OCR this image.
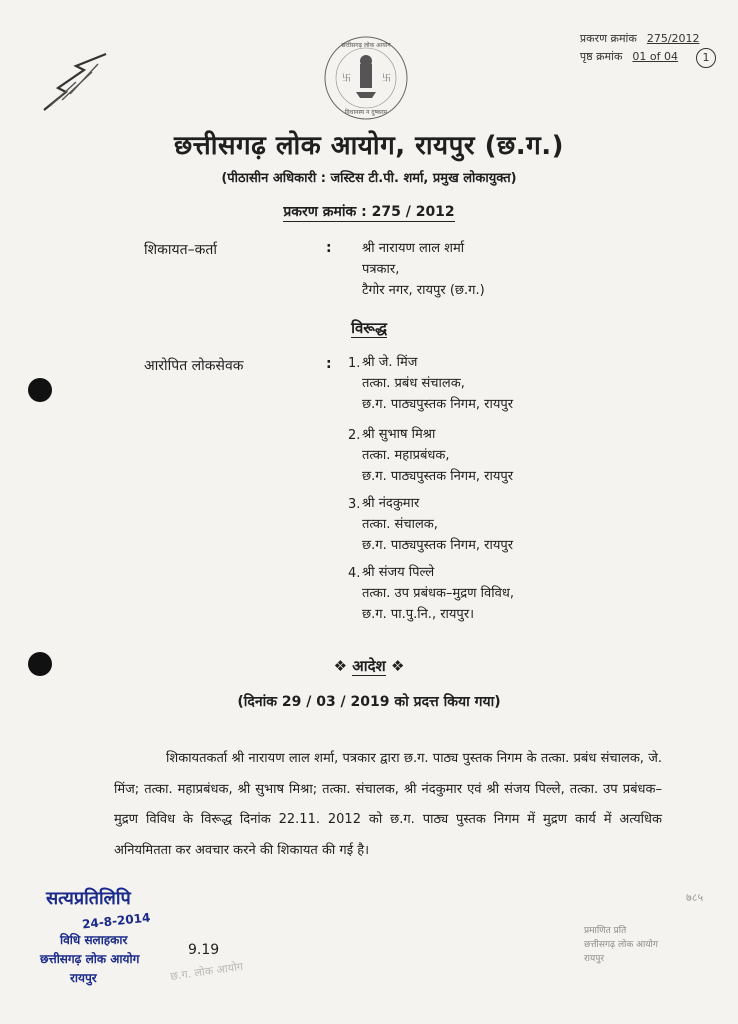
卐	卐
छत्तीसगढ़ लोक आयोग
विधानस्य न दुष्करम
प्रकरण क्रमांक 275/2012
पृष्ठ क्रमांक 01 of 04	1
छत्तीसगढ़ लोक आयोग, रायपुर (छ.ग.)
(पीठासीन अधिकारी : जस्टिस टी.पी. शर्मा, प्रमुख लोकायुक्त)
प्रकरण क्रमांक : 275 / 2012
शिकायत–कर्ता	: श्री नारायण लाल शर्मा
पत्रकार,
टैगोर नगर, रायपुर (छ.ग.)
विरूद्ध
आरोपित लोकसेवक	: 1. श्री जे. मिंज
तत्का. प्रबंध संचालक,
छ.ग. पाठ्यपुस्तक निगम, रायपुर
2. श्री सुभाष मिश्रा
तत्का. महाप्रबंधक,
छ.ग. पाठ्यपुस्तक निगम, रायपुर
3. श्री नंदकुमार
तत्का. संचालक,
छ.ग. पाठ्यपुस्तक निगम, रायपुर
4. श्री संजय पिल्ले
तत्का. उप प्रबंधक–मुद्रण विविध,
छ.ग. पा.पु.नि., रायपुर।
❖ आदेश ❖
(दिनांक 29 / 03 / 2019 को प्रदत्त किया गया)
शिकायतकर्ता श्री नारायण लाल शर्मा, पत्रकार द्वारा छ.ग. पाठ्य पुस्तक निगम के तत्का. प्रबंध संचालक, जे. मिंज; तत्का. महाप्रबंधक, श्री सुभाष मिश्रा; तत्का. संचालक, श्री नंदकुमार एवं श्री संजय पिल्ले, तत्का. उप प्रबंधक–मुद्रण विविध के विरूद्ध दिनांक 22.11. 2012 को छ.ग. पाठ्य पुस्तक निगम में मुद्रण कार्य में अत्यधिक अनियमितता कर अवचार करने की शिकायत की गई है।
सत्यप्रतिलिपि
24-8-2014
विधि सलाहकार
छत्तीसगढ़ लोक आयोग
रायपुर
9.19
७८५
प्रमाणित प्रति
छत्तीसगढ़ लोक आयोग
रायपुर
छ.ग. लोक आयोग
